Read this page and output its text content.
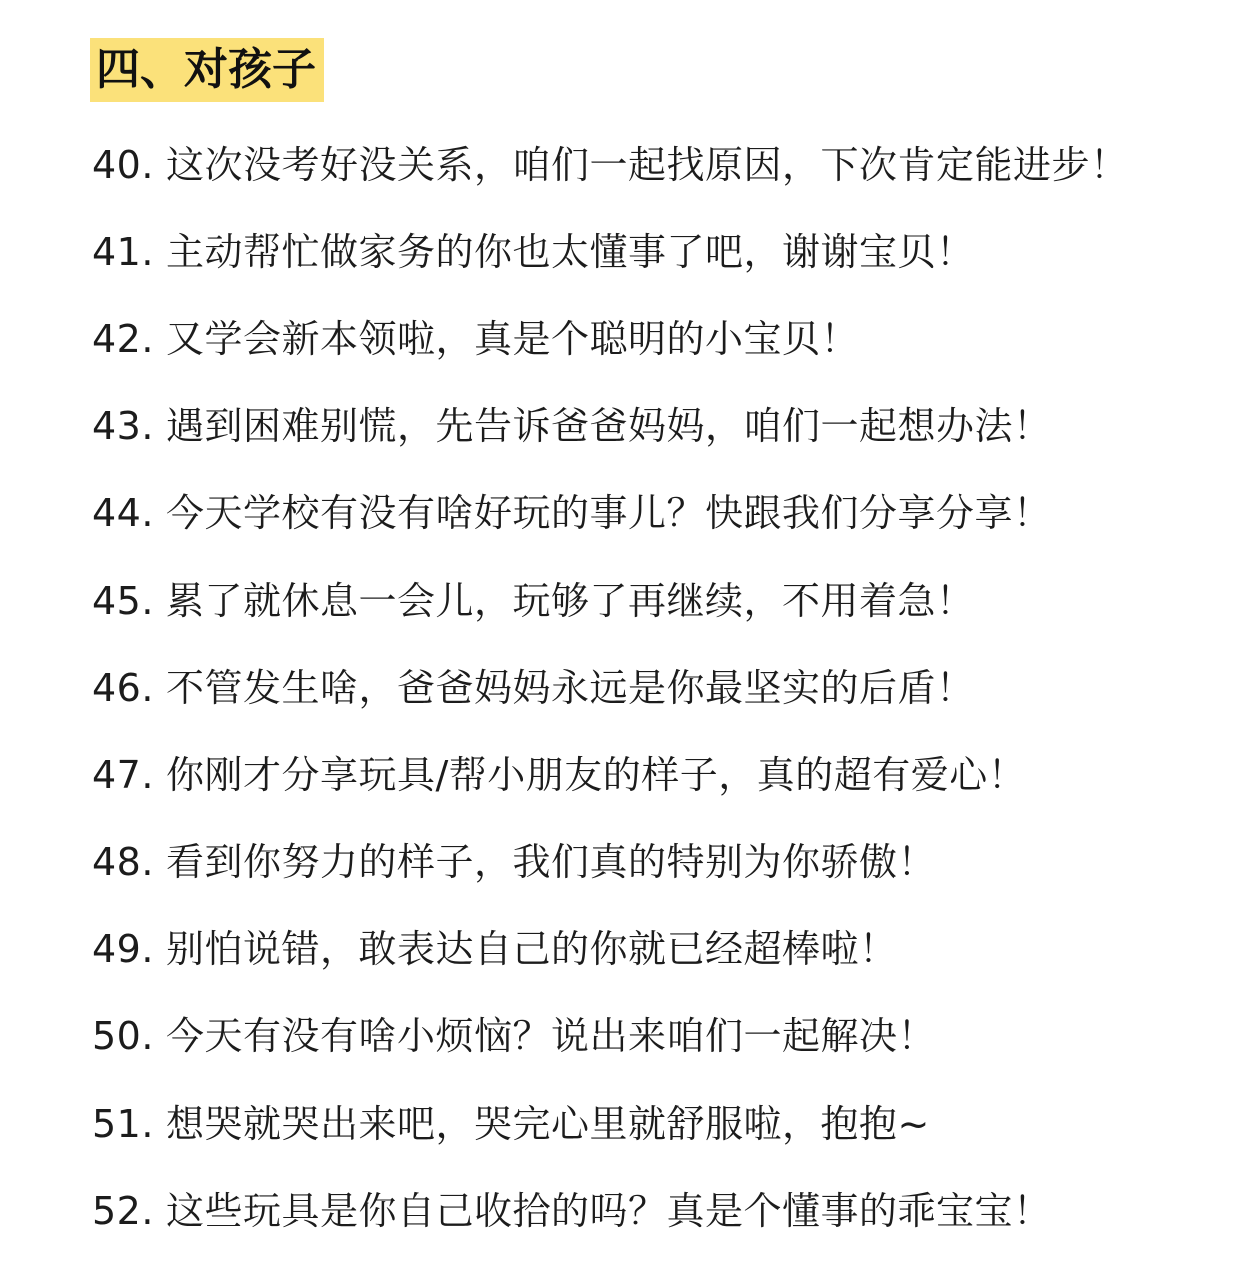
四、对孩子
40. 这次没考好没关系，咱们一起找原因，下次肯定能进步！
41. 主动帮忙做家务的你也太懂事了吧，谢谢宝贝！
42. 又学会新本领啦，真是个聪明的小宝贝！
43. 遇到困难别慌，先告诉爸爸妈妈，咱们一起想办法！
44. 今天学校有没有啥好玩的事儿？快跟我们分享分享！
45. 累了就休息一会儿，玩够了再继续，不用着急！
46. 不管发生啥，爸爸妈妈永远是你最坚实的后盾！
47. 你刚才分享玩具/帮小朋友的样子，真的超有爱心！
48. 看到你努力的样子，我们真的特别为你骄傲！
49. 别怕说错，敢表达自己的你就已经超棒啦！
50. 今天有没有啥小烦恼？说出来咱们一起解决！
51. 想哭就哭出来吧，哭完心里就舒服啦，抱抱~
52. 这些玩具是你自己收拾的吗？真是个懂事的乖宝宝！
